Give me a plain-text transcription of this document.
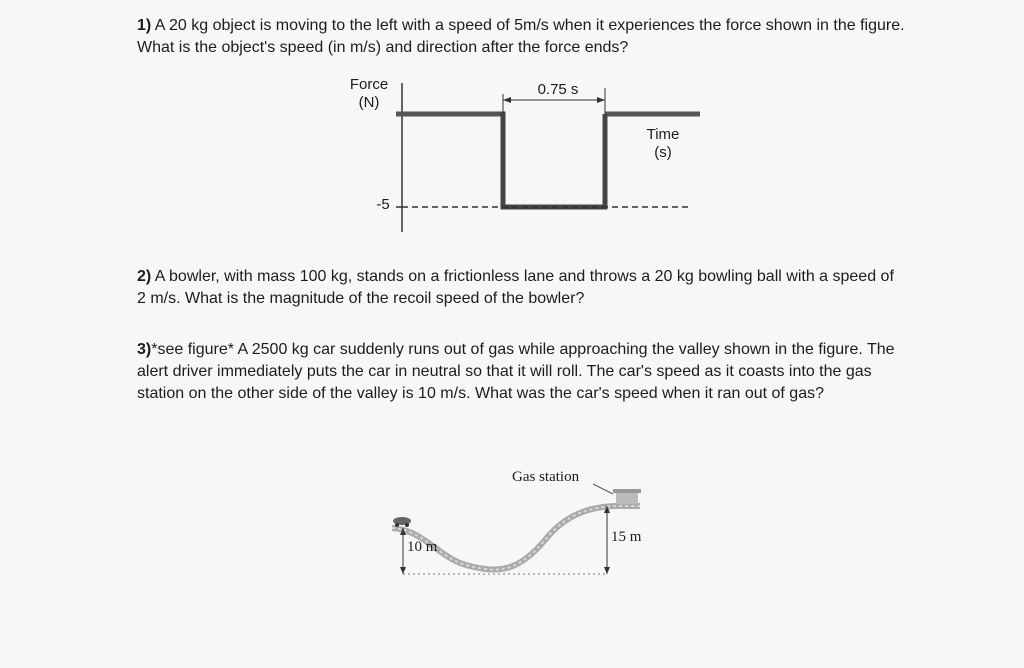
1) A 20 kg object is moving to the left with a speed of 5m/s when it experiences the force shown in the figure. What is the object's speed (in m/s) and direction after the force ends?

Force
(N)
Time
(s)
-5
0.75 s

2) A bowler, with mass 100 kg, stands on a frictionless lane and throws a 20 kg bowling ball with a speed of 2 m/s. What is the magnitude of the recoil speed of the bowler?

3)*see figure* A 2500 kg car suddenly runs out of gas while approaching the valley shown in the figure. The alert driver immediately puts the car in neutral so that it will roll. The car's speed as it coasts into the gas station on the other side of the valley is 10 m/s. What was the car's speed when it ran out of gas?

Gas station
10 m
15 m
